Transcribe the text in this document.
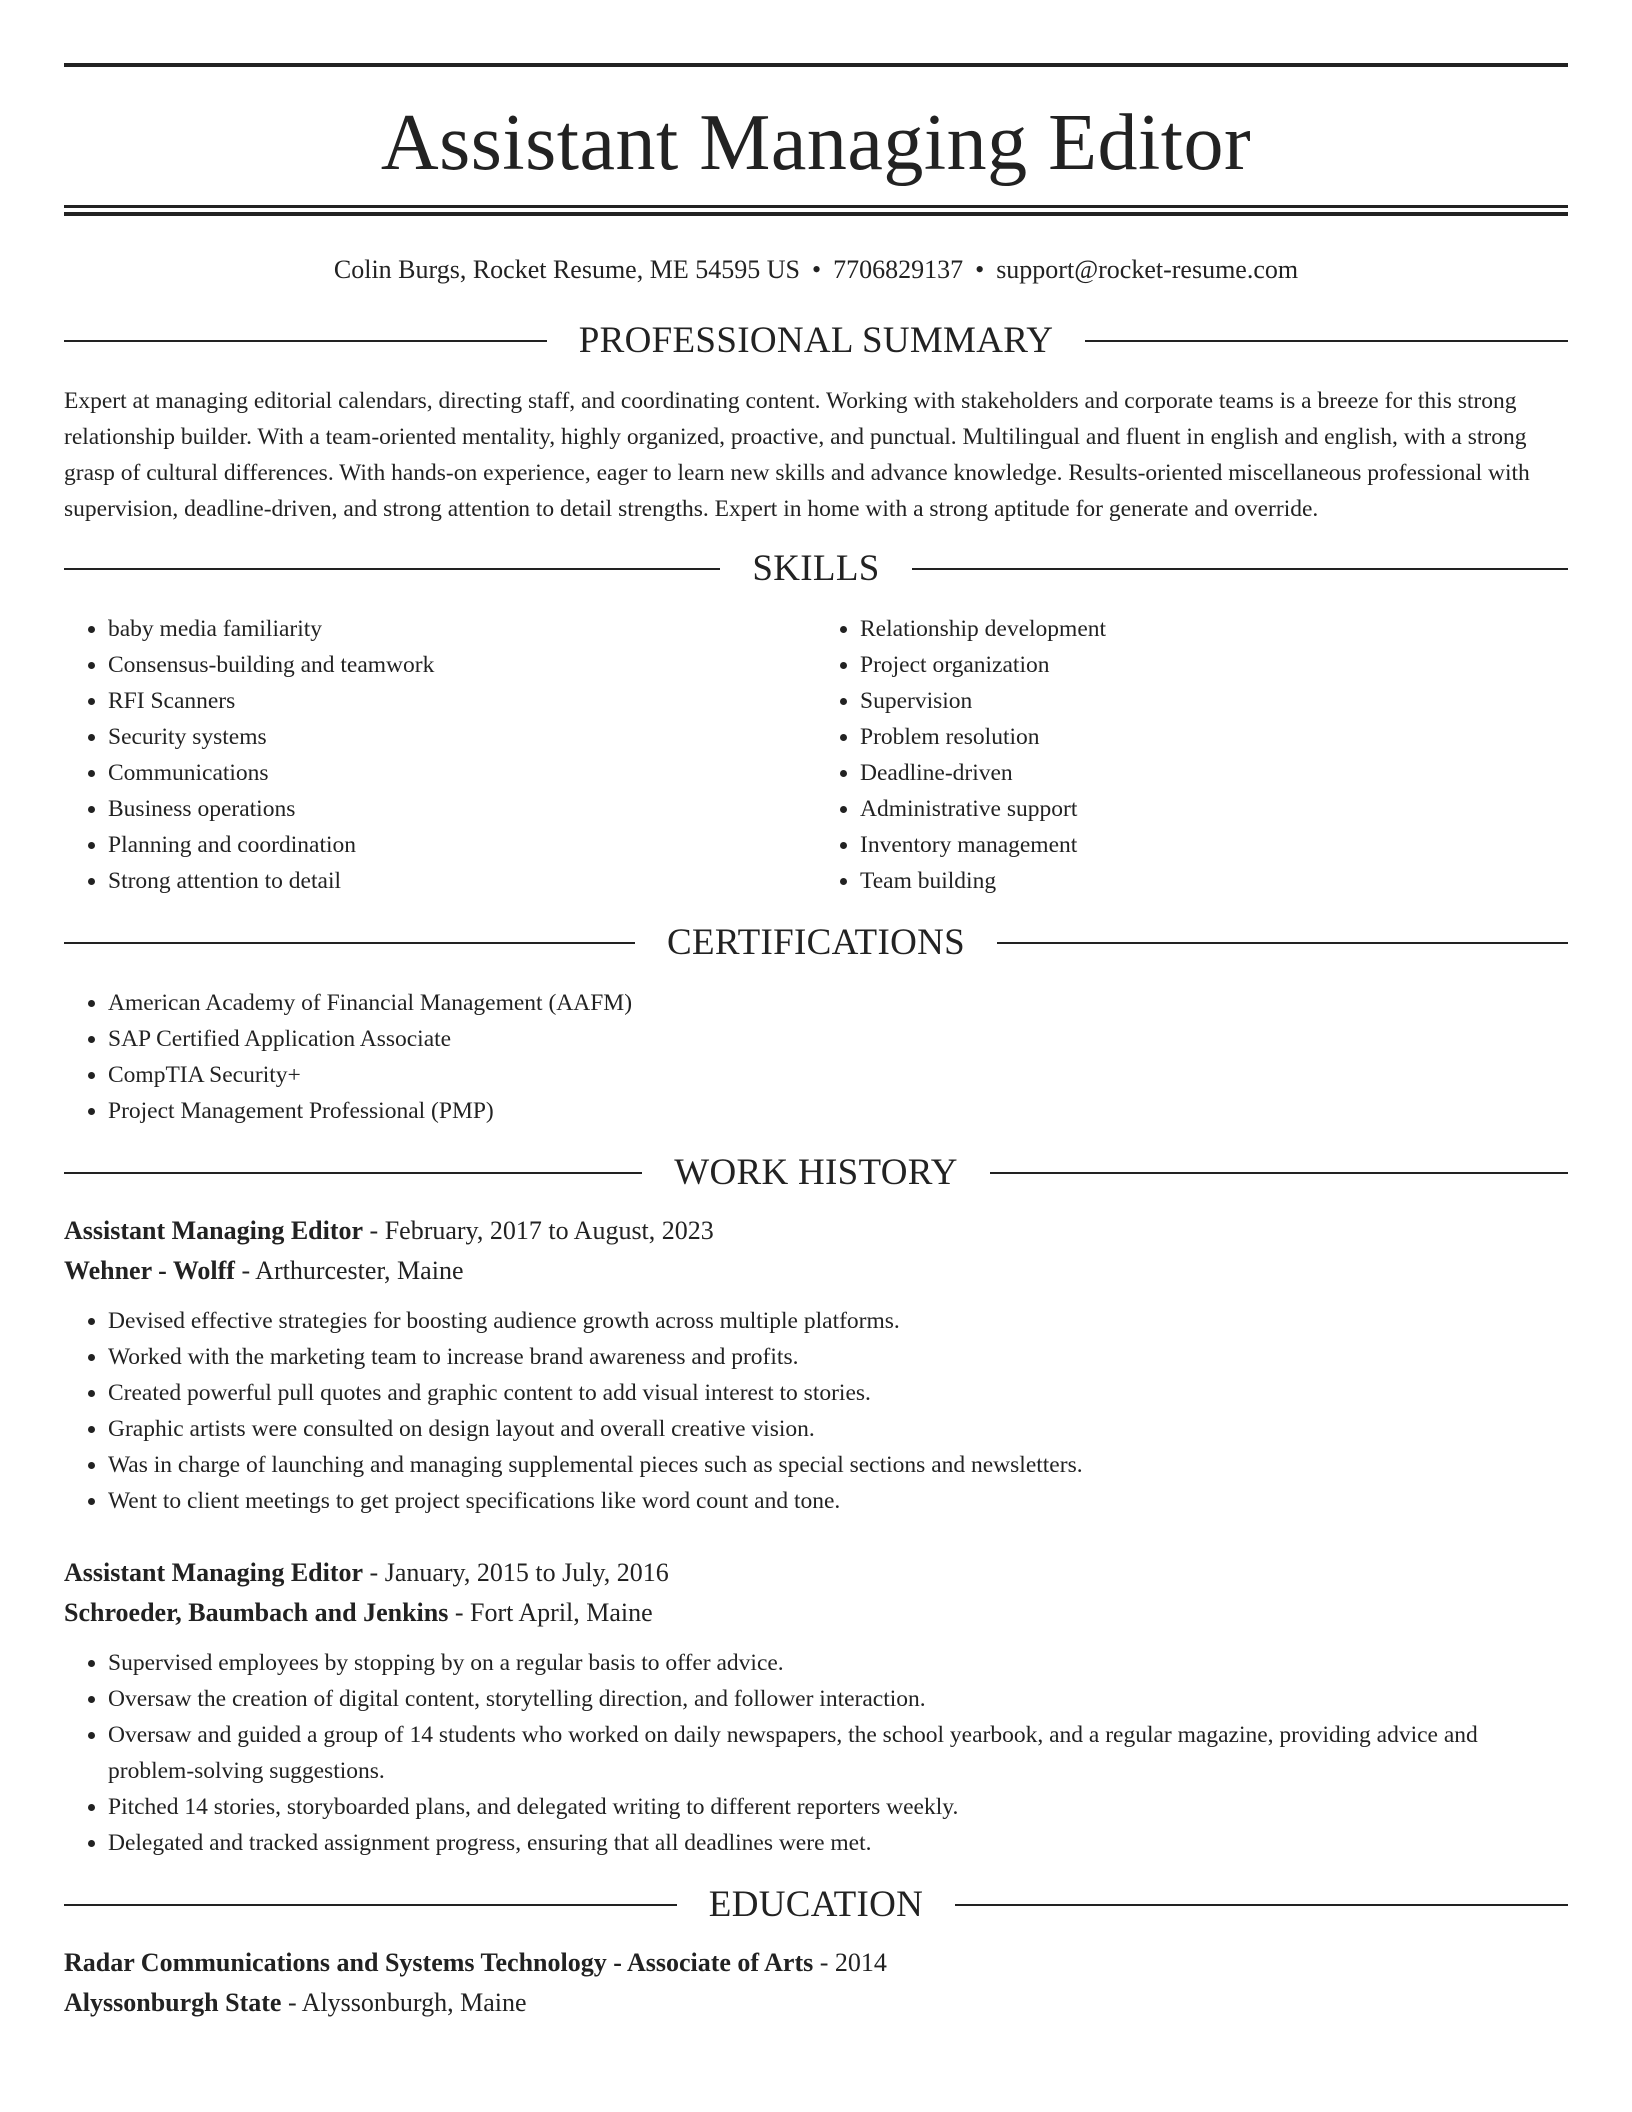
Assistant Managing Editor
Colin Burgs, Rocket Resume, ME 54595 US • 7706829137 • support@rocket-resume.com
PROFESSIONAL SUMMARY
Expert at managing editorial calendars, directing staff, and coordinating content. Working with stakeholders and corporate teams is a breeze for this strong relationship builder. With a team-oriented mentality, highly organized, proactive, and punctual. Multilingual and fluent in english and english, with a strong grasp of cultural differences. With hands-on experience, eager to learn new skills and advance knowledge. Results-oriented miscellaneous professional with supervision, deadline-driven, and strong attention to detail strengths. Expert in home with a strong aptitude for generate and override.
SKILLS
• baby media familiarity
• Consensus-building and teamwork
• RFI Scanners
• Security systems
• Communications
• Business operations
• Planning and coordination
• Strong attention to detail
• Relationship development
• Project organization
• Supervision
• Problem resolution
• Deadline-driven
• Administrative support
• Inventory management
• Team building
CERTIFICATIONS
• American Academy of Financial Management (AAFM)
• SAP Certified Application Associate
• CompTIA Security+
• Project Management Professional (PMP)
WORK HISTORY
Assistant Managing Editor - February, 2017 to August, 2023
Wehner - Wolff - Arthurcester, Maine
• Devised effective strategies for boosting audience growth across multiple platforms.
• Worked with the marketing team to increase brand awareness and profits.
• Created powerful pull quotes and graphic content to add visual interest to stories.
• Graphic artists were consulted on design layout and overall creative vision.
• Was in charge of launching and managing supplemental pieces such as special sections and newsletters.
• Went to client meetings to get project specifications like word count and tone.
Assistant Managing Editor - January, 2015 to July, 2016
Schroeder, Baumbach and Jenkins - Fort April, Maine
• Supervised employees by stopping by on a regular basis to offer advice.
• Oversaw the creation of digital content, storytelling direction, and follower interaction.
• Oversaw and guided a group of 14 students who worked on daily newspapers, the school yearbook, and a regular magazine, providing advice and problem-solving suggestions.
• Pitched 14 stories, storyboarded plans, and delegated writing to different reporters weekly.
• Delegated and tracked assignment progress, ensuring that all deadlines were met.
EDUCATION
Radar Communications and Systems Technology - Associate of Arts - 2014
Alyssonburgh State - Alyssonburgh, Maine
